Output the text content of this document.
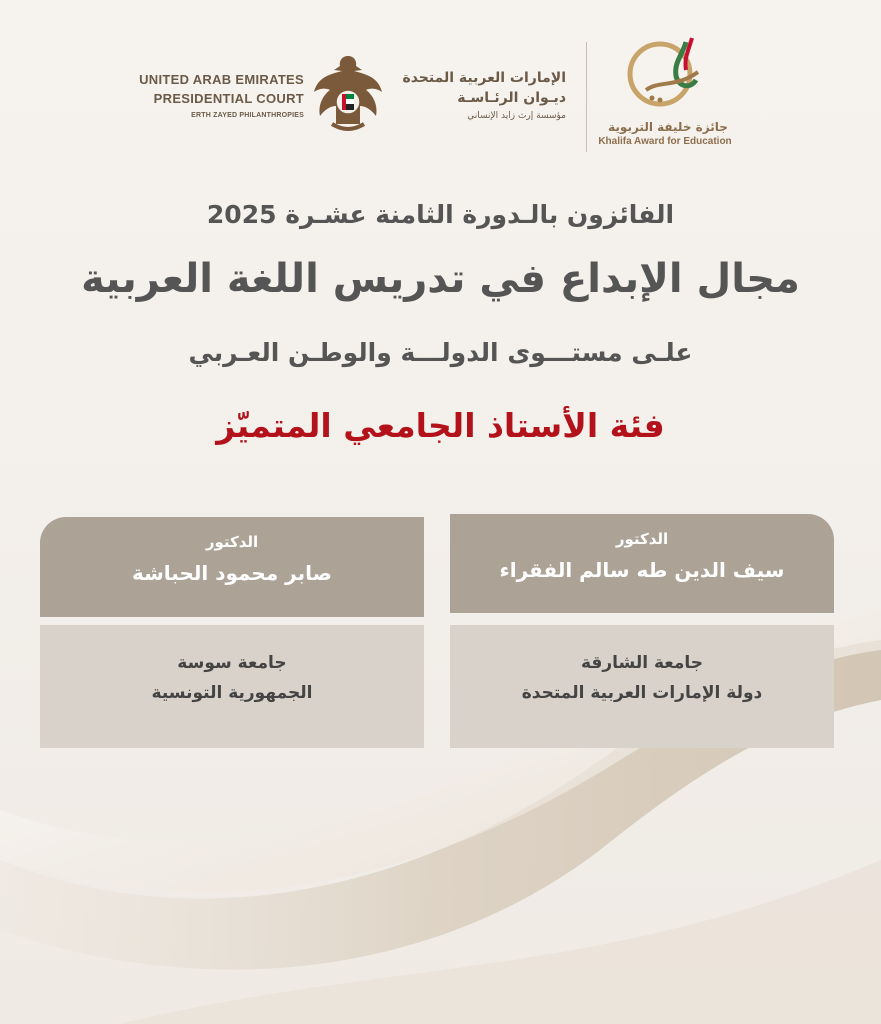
UNITED ARAB EMIRATES
PRESIDENTIAL COURT
ERTH ZAYED PHILANTHROPIES
الإمارات العربية المتحدة
ديـوان الرئـاسـة
مؤسسة إرث زايد الإنساني
جائزة خليفة التربوية
Khalifa Award for Education
الفائزون بالـدورة الثامنة عشـرة 2025
مجال الإبداع في تدريس اللغة العربية
علـى مستـــوى الدولـــة والوطـن العـربي
فئة الأستاذ الجامعي المتميّز
الدكتور
سيف الدين طه سالم الفقراء
جامعة الشارقة
دولة الإمارات العربية المتحدة
الدكتور
صابر محمود الحباشة
جامعة سوسة
الجمهورية التونسية
